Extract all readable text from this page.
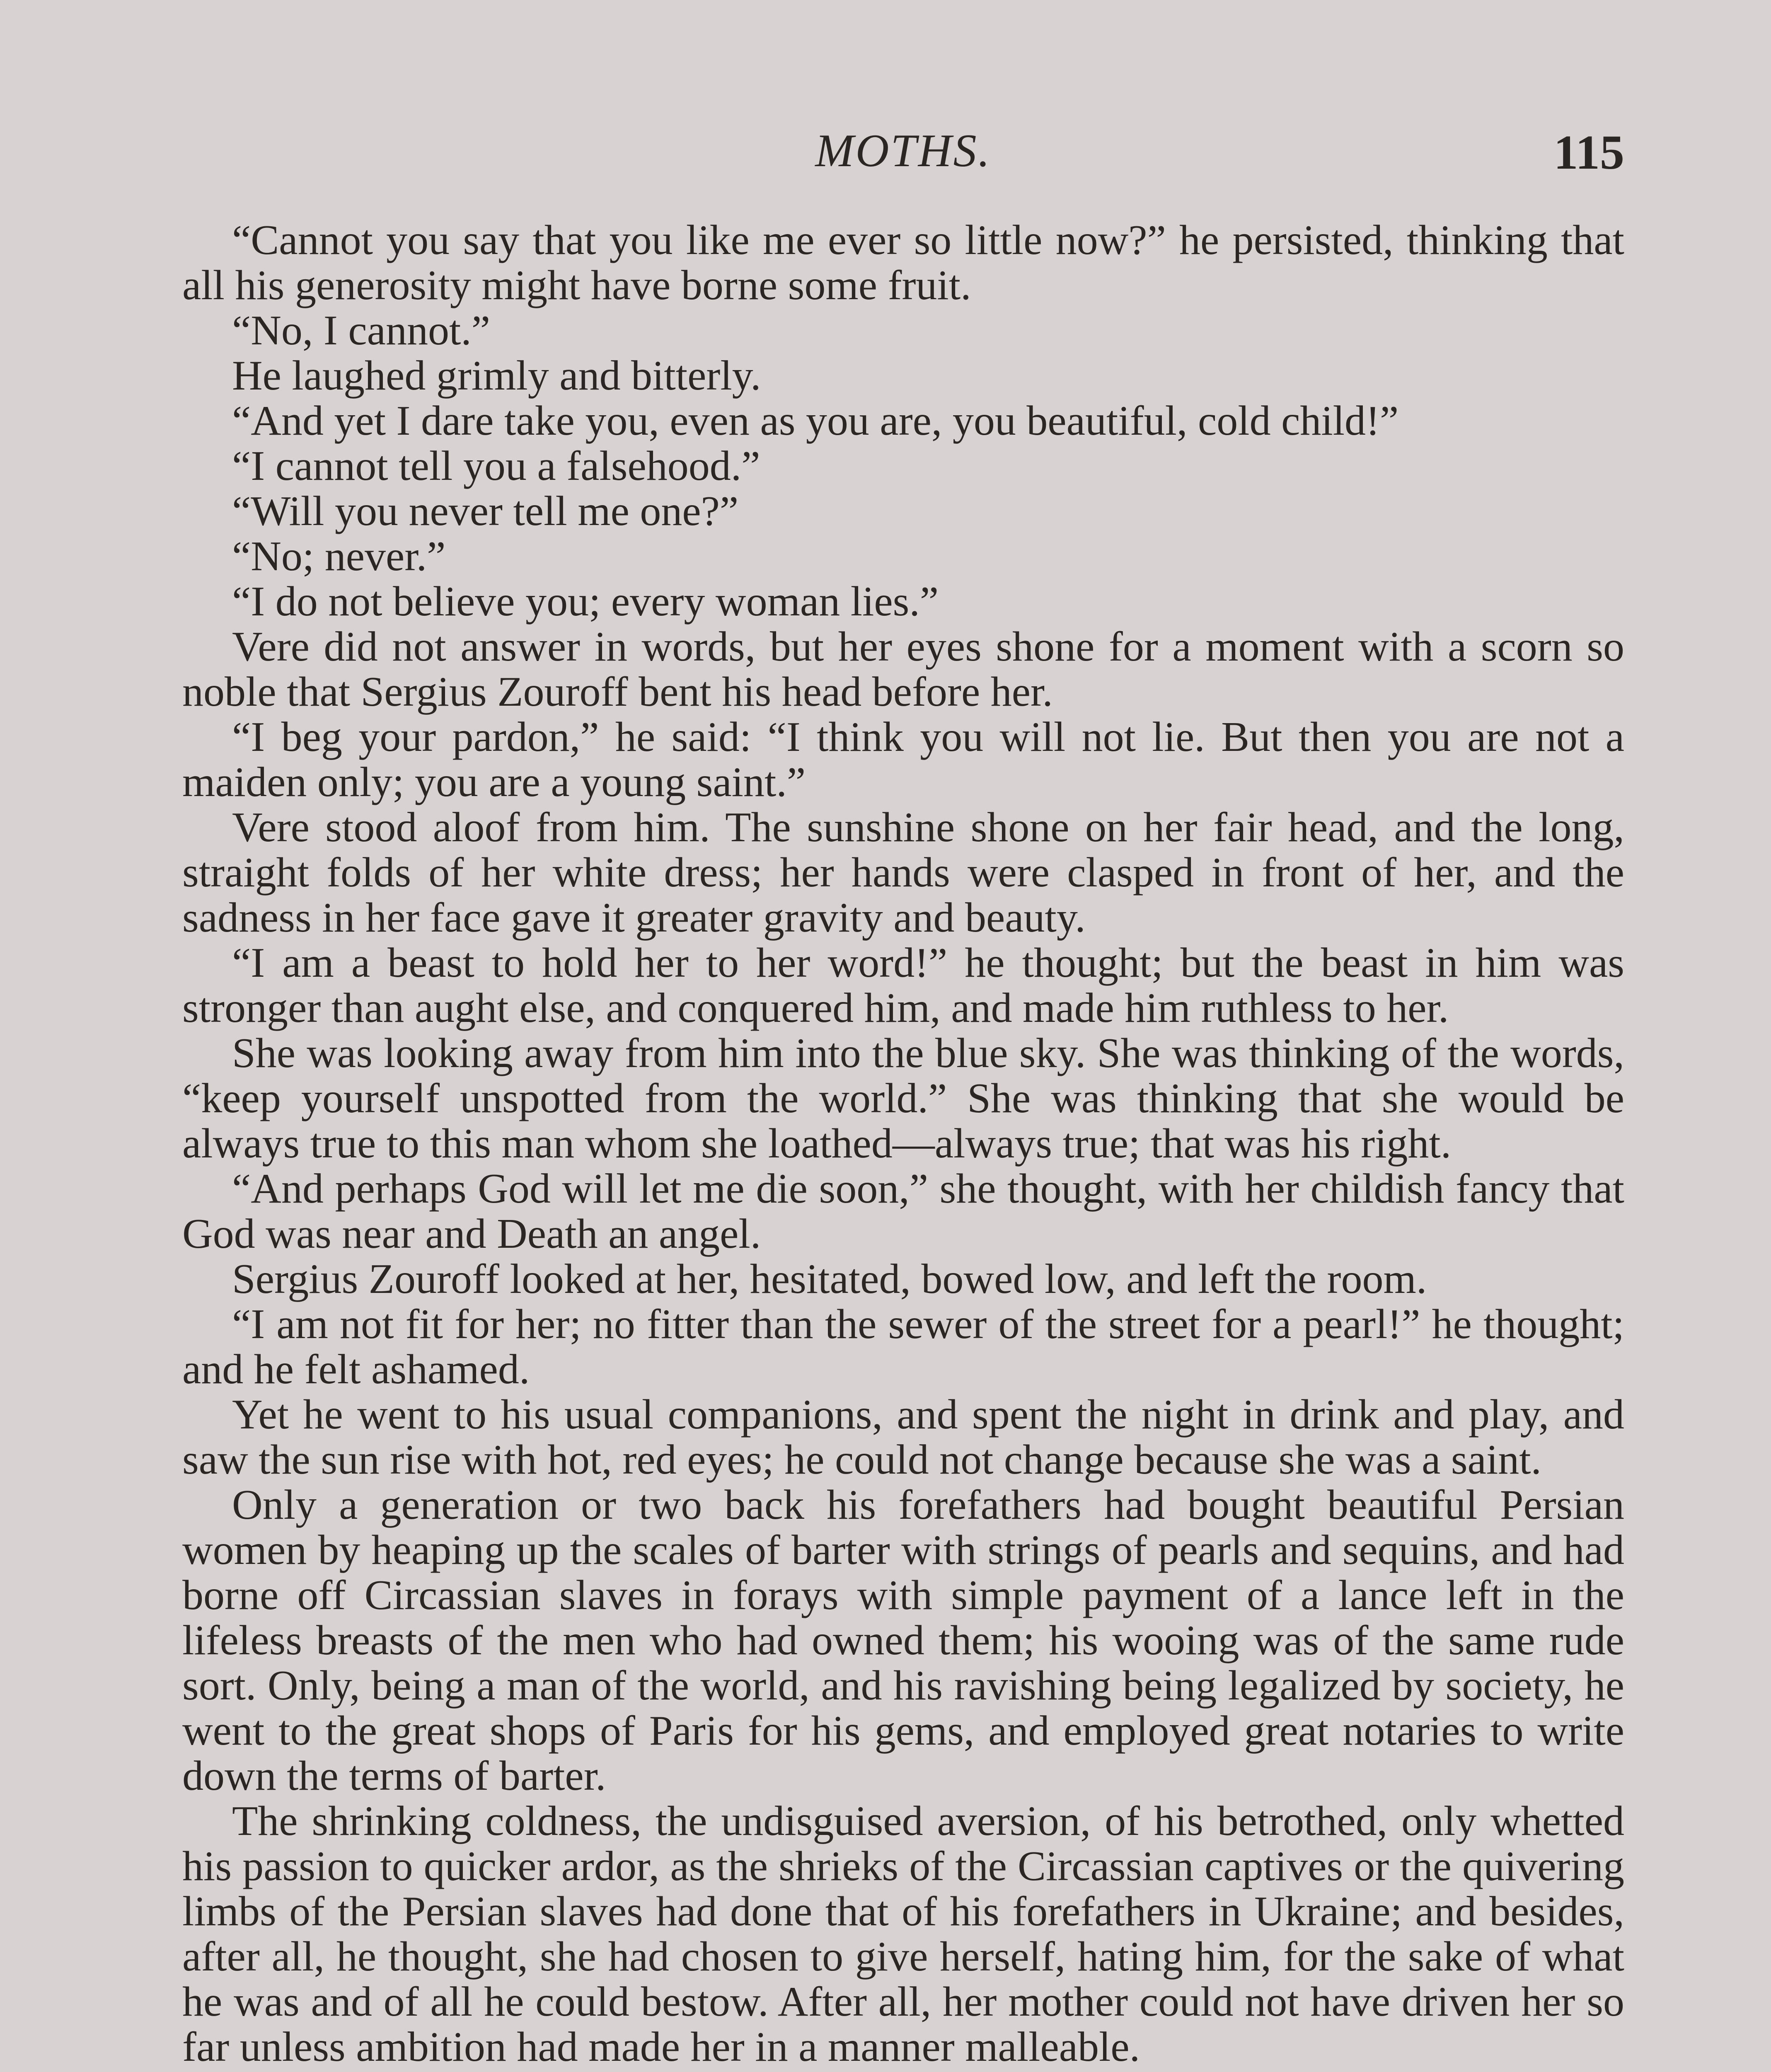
MOTHS.	115

“Cannot you say that you like me ever so little now?” he persisted, thinking that all his generosity might have borne some fruit.

“No, I cannot.”

He laughed grimly and bitterly.

“And yet I dare take you, even as you are, you beautiful, cold child!”

“I cannot tell you a falsehood.”

“Will you never tell me one?”

“No; never.”

“I do not believe you; every woman lies.”

Vere did not answer in words, but her eyes shone for a moment with a scorn so noble that Sergius Zouroff bent his head before her.

“I beg your pardon,” he said: “I think you will not lie. But then you are not a maiden only; you are a young saint.”

Vere stood aloof from him. The sunshine shone on her fair head, and the long, straight folds of her white dress; her hands were clasped in front of her, and the sadness in her face gave it greater gravity and beauty.

“I am a beast to hold her to her word!” he thought; but the beast in him was stronger than aught else, and conquered him, and made him ruthless to her.

She was looking away from him into the blue sky. She was thinking of the words, “keep yourself unspotted from the world.” She was thinking that she would be always true to this man whom she loathed—always true; that was his right.

“And perhaps God will let me die soon,” she thought, with her childish fancy that God was near and Death an angel.

Sergius Zouroff looked at her, hesitated, bowed low, and left the room.

“I am not fit for her; no fitter than the sewer of the street for a pearl!” he thought; and he felt ashamed.

Yet he went to his usual companions, and spent the night in drink and play, and saw the sun rise with hot, red eyes; he could not change because she was a saint.

Only a generation or two back his forefathers had bought beautiful Persian women by heaping up the scales of barter with strings of pearls and sequins, and had borne off Circassian slaves in forays with simple payment of a lance left in the lifeless breasts of the men who had owned them; his wooing was of the same rude sort. Only, being a man of the world, and his ravishing being legalized by society, he went to the great shops of Paris for his gems, and employed great notaries to write down the terms of barter.

The shrinking coldness, the undisguised aversion, of his betrothed, only whetted his passion to quicker ardor, as the shrieks of the Circassian captives or the quivering limbs of the Persian slaves had done that of his forefathers in Ukraine; and besides, after all, he thought, she had chosen to give herself, hating him, for the sake of what he was and of all he could bestow. After all, her mother could not have driven her so far unless ambition had made her in a manner malleable.
